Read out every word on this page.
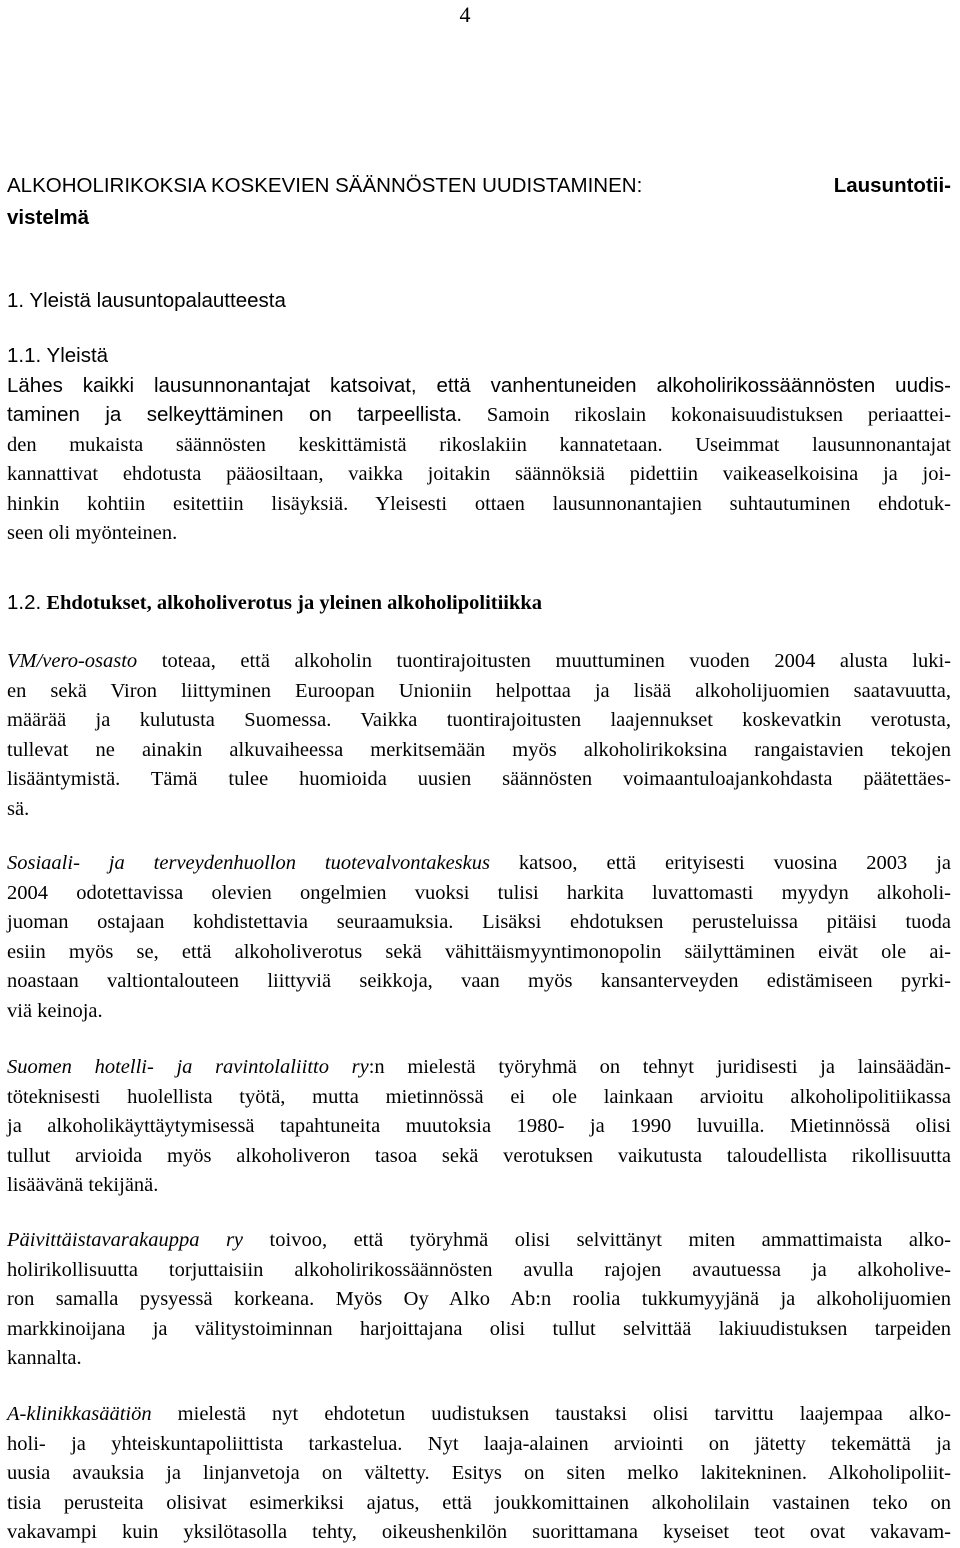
4
ALKOHOLIRIKOKSIA KOSKEVIEN SÄÄNNÖSTEN UUDISTAMINEN:	Lausuntotii-
vistelmä
1. Yleistä lausuntopalautteesta
1.1. Yleistä
Lähes kaikki lausunnonantajat katsoivat, että vanhentuneiden alkoholirikossäännösten uudis-
taminen ja selkeyttäminen on tarpeellista. Samoin rikoslain kokonaisuudistuksen periaattei-
den mukaista säännösten keskittämistä rikoslakiin kannatetaan. Useimmat lausunnonantajat
kannattivat ehdotusta pääosiltaan, vaikka joitakin säännöksiä pidettiin vaikeaselkoisina ja joi-
hinkin kohtiin esitettiin lisäyksiä. Yleisesti ottaen lausunnonantajien suhtautuminen ehdotuk-
seen oli myönteinen.
1.2. Ehdotukset, alkoholiverotus ja yleinen alkoholipolitiikka
VM/vero-osasto toteaa, että alkoholin tuontirajoitusten muuttuminen vuoden 2004 alusta luki-
en sekä Viron liittyminen Euroopan Unioniin helpottaa ja lisää alkoholijuomien saatavuutta,
määrää ja kulutusta Suomessa. Vaikka tuontirajoitusten laajennukset koskevatkin verotusta,
tullevat ne ainakin alkuvaiheessa merkitsemään myös alkoholirikoksina rangaistavien tekojen
lisääntymistä. Tämä tulee huomioida uusien säännösten voimaantuloajankohdasta päätettäes-
sä.
Sosiaali- ja terveydenhuollon tuotevalvontakeskus katsoo, että erityisesti vuosina 2003 ja
2004 odotettavissa olevien ongelmien vuoksi tulisi harkita luvattomasti myydyn alkoholi-
juoman ostajaan kohdistettavia seuraamuksia. Lisäksi ehdotuksen perusteluissa pitäisi tuoda
esiin myös se, että alkoholiverotus sekä vähittäismyyntimonopolin säilyttäminen eivät ole ai-
noastaan valtiontalouteen liittyviä seikkoja, vaan myös kansanterveyden edistämiseen pyrki-
viä keinoja.
Suomen hotelli- ja ravintolaliitto ry:n mielestä työryhmä on tehnyt juridisesti ja lainsäädän-
töteknisesti huolellista työtä, mutta mietinnössä ei ole lainkaan arvioitu alkoholipolitiikassa
ja alkoholikäyttäytymisessä tapahtuneita muutoksia 1980- ja 1990 luvuilla. Mietinnössä olisi
tullut arvioida myös alkoholiveron tasoa sekä verotuksen vaikutusta taloudellista rikollisuutta
lisäävänä tekijänä.
Päivittäistavarakauppa ry toivoo, että työryhmä olisi selvittänyt miten ammattimaista alko-
holirikollisuutta torjuttaisiin alkoholirikossäännösten avulla rajojen avautuessa ja alkoholive-
ron samalla pysyessä korkeana. Myös Oy Alko Ab:n roolia tukkumyyjänä ja alkoholijuomien
markkinoijana ja välitystoiminnan harjoittajana olisi tullut selvittää lakiuudistuksen tarpeiden
kannalta.
A-klinikkasäätiön mielestä nyt ehdotetun uudistuksen taustaksi olisi tarvittu laajempaa alko-
holi- ja yhteiskuntapoliittista tarkastelua. Nyt laaja-alainen arviointi on jätetty tekemättä ja
uusia avauksia ja linjanvetoja on vältetty. Esitys on siten melko lakitekninen. Alkoholipoliit-
tisia perusteita olisivat esimerkiksi ajatus, että joukkomittainen alkoholilain vastainen teko on
vakavampi kuin yksilötasolla tehty, oikeushenkilön suorittamana kyseiset teot ovat vakavam-
